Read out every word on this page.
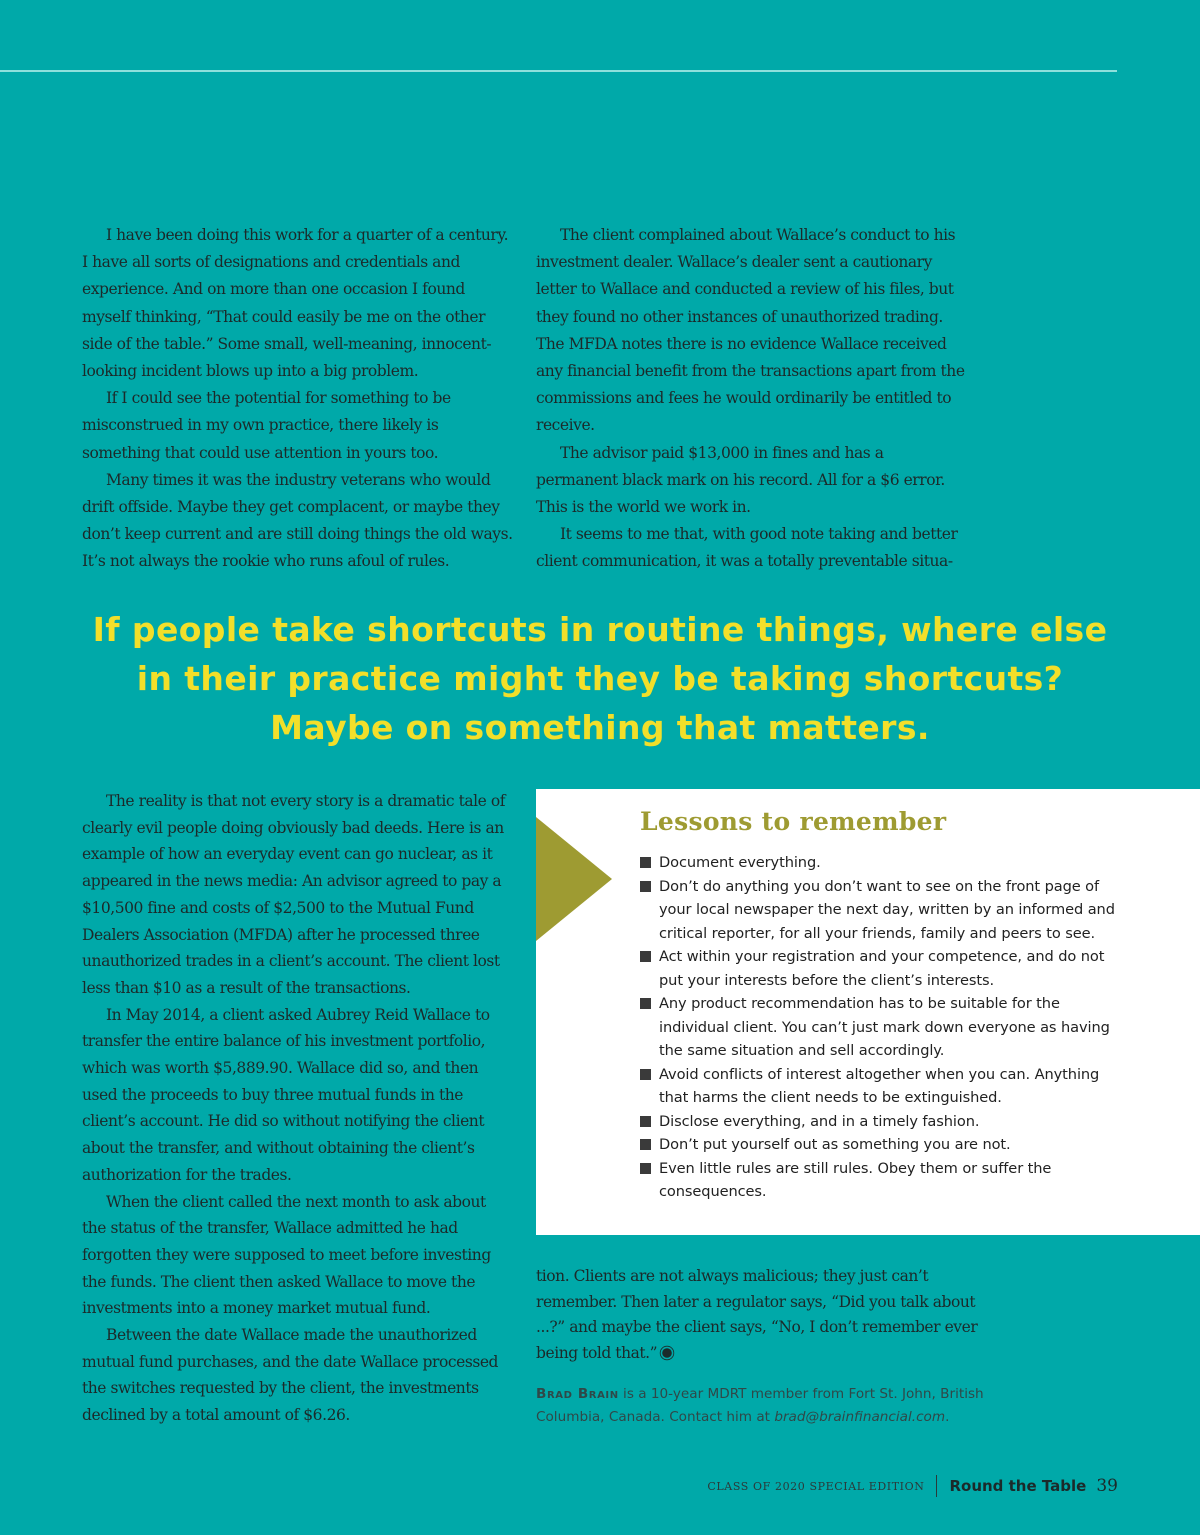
I have been doing this work for a quarter of a century. I have all sorts of designations and credentials and experience. And on more than one occasion I found myself thinking, “That could easily be me on the other side of the table.” Some small, well-meaning, innocent-looking incident blows up into a big problem.

If I could see the potential for something to be misconstrued in my own practice, there likely is something that could use attention in yours too.

Many times it was the industry veterans who would drift offside. Maybe they get complacent, or maybe they don’t keep current and are still doing things the old ways. It’s not always the rookie who runs afoul of rules.

The client complained about Wallace’s conduct to his investment dealer. Wallace’s dealer sent a cautionary letter to Wallace and conducted a review of his files, but they found no other instances of unauthorized trading. The MFDA notes there is no evidence Wallace received any financial benefit from the transactions apart from the commissions and fees he would ordinarily be entitled to receive.

The advisor paid $13,000 in fines and has a permanent black mark on his record. All for a $6 error. This is the world we work in.

It seems to me that, with good note taking and better client communication, it was a totally preventable situa-

If people take shortcuts in routine things, where else
in their practice might they be taking shortcuts?
Maybe on something that matters.

The reality is that not every story is a dramatic tale of clearly evil people doing obviously bad deeds. Here is an example of how an everyday event can go nuclear, as it appeared in the news media: An advisor agreed to pay a $10,500 fine and costs of $2,500 to the Mutual Fund Dealers Association (MFDA) after he processed three unauthorized trades in a client’s account. The client lost less than $10 as a result of the transactions.

In May 2014, a client asked Aubrey Reid Wallace to transfer the entire balance of his investment portfolio, which was worth $5,889.90. Wallace did so, and then used the proceeds to buy three mutual funds in the client’s account. He did so without notifying the client about the transfer, and without obtaining the client’s authorization for the trades.

When the client called the next month to ask about the status of the transfer, Wallace admitted he had forgotten they were supposed to meet before investing the funds. The client then asked Wallace to move the investments into a money market mutual fund.

Between the date Wallace made the unauthorized mutual fund purchases, and the date Wallace processed the switches requested by the client, the investments declined by a total amount of $6.26.

Lessons to remember
Document everything.
Don’t do anything you don’t want to see on the front page of your local newspaper the next day, written by an informed and critical reporter, for all your friends, family and peers to see.
Act within your registration and your competence, and do not put your interests before the client’s interests.
Any product recommendation has to be suitable for the individual client. You can’t just mark down everyone as having the same situation and sell accordingly.
Avoid conflicts of interest altogether when you can. Anything that harms the client needs to be extinguished.
Disclose everything, and in a timely fashion.
Don’t put yourself out as something you are not.
Even little rules are still rules. Obey them or suffer the consequences.

tion. Clients are not always malicious; they just can’t remember. Then later a regulator says, “Did you talk about ...?” and maybe the client says, “No, I don’t remember ever being told that.”

Brad Brain is a 10-year MDRT member from Fort St. John, British Columbia, Canada. Contact him at brad@brainfinancial.com.

CLASS OF 2020 SPECIAL EDITION Round the Table 39
